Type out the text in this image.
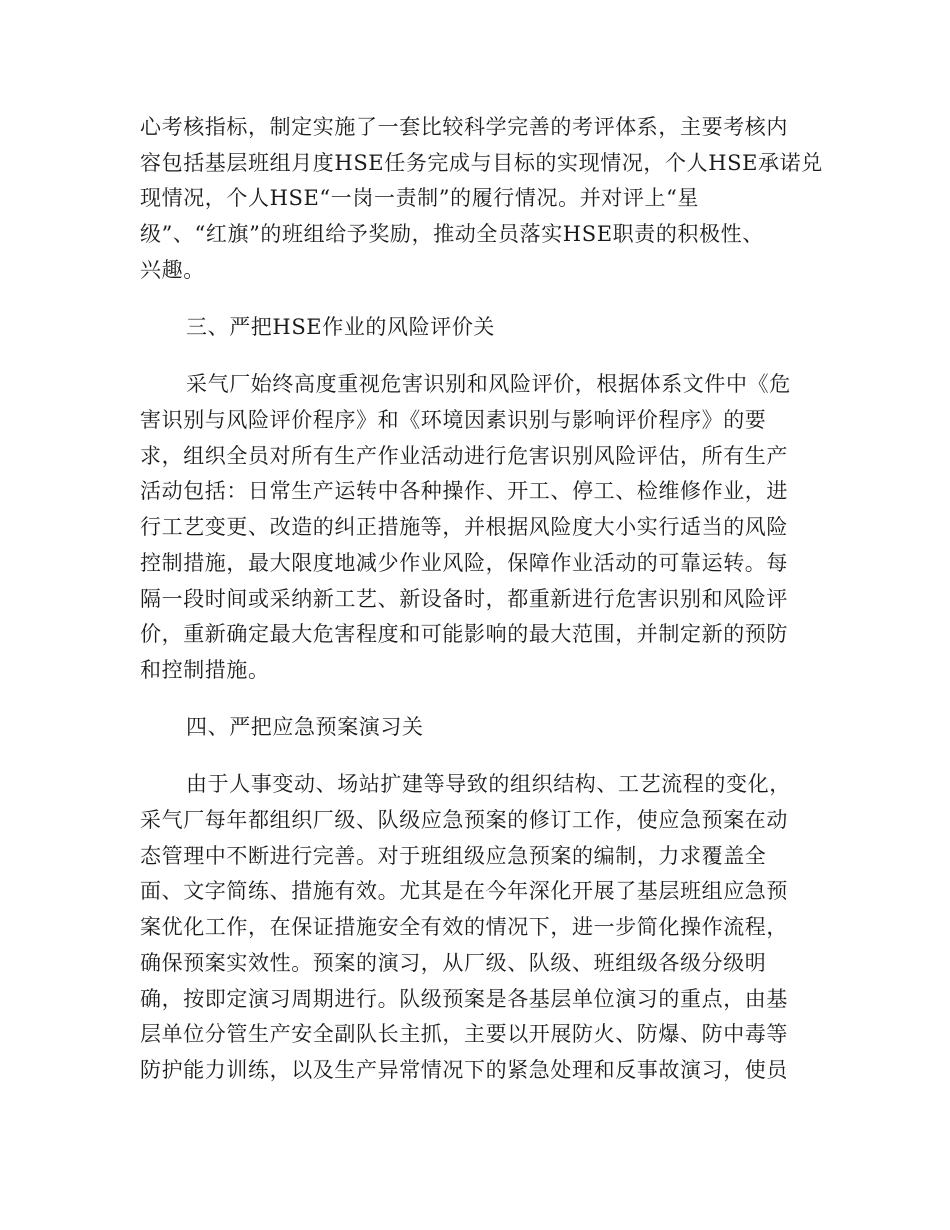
心考核指标，制定实施了一套比较科学完善的考评体系，主要考核内
容包括基层班组月度HSE任务完成与目标的实现情况，个人HSE承诺兑
现情况，个人HSE“一岗一责制”的履行情况。并对评上“星
级”、“红旗”的班组给予奖励，推动全员落实HSE职责的积极性、
兴趣。
三、严把HSE作业的风险评价关
采气厂始终高度重视危害识别和风险评价，根据体系文件中《危
害识别与风险评价程序》和《环境因素识别与影响评价程序》的要
求，组织全员对所有生产作业活动进行危害识别风险评估，所有生产
活动包括：日常生产运转中各种操作、开工、停工、检维修作业，进
行工艺变更、改造的纠正措施等，并根据风险度大小实行适当的风险
控制措施，最大限度地减少作业风险，保障作业活动的可靠运转。每
隔一段时间或采纳新工艺、新设备时，都重新进行危害识别和风险评
价，重新确定最大危害程度和可能影响的最大范围，并制定新的预防
和控制措施。
四、严把应急预案演习关
由于人事变动、场站扩建等导致的组织结构、工艺流程的变化，
采气厂每年都组织厂级、队级应急预案的修订工作，使应急预案在动
态管理中不断进行完善。对于班组级应急预案的编制，力求覆盖全
面、文字简练、措施有效。尤其是在今年深化开展了基层班组应急预
案优化工作，在保证措施安全有效的情况下，进一步简化操作流程，
确保预案实效性。预案的演习，从厂级、队级、班组级各级分级明
确，按即定演习周期进行。队级预案是各基层单位演习的重点，由基
层单位分管生产安全副队长主抓，主要以开展防火、防爆、防中毒等
防护能力训练，以及生产异常情况下的紧急处理和反事故演习，使员
